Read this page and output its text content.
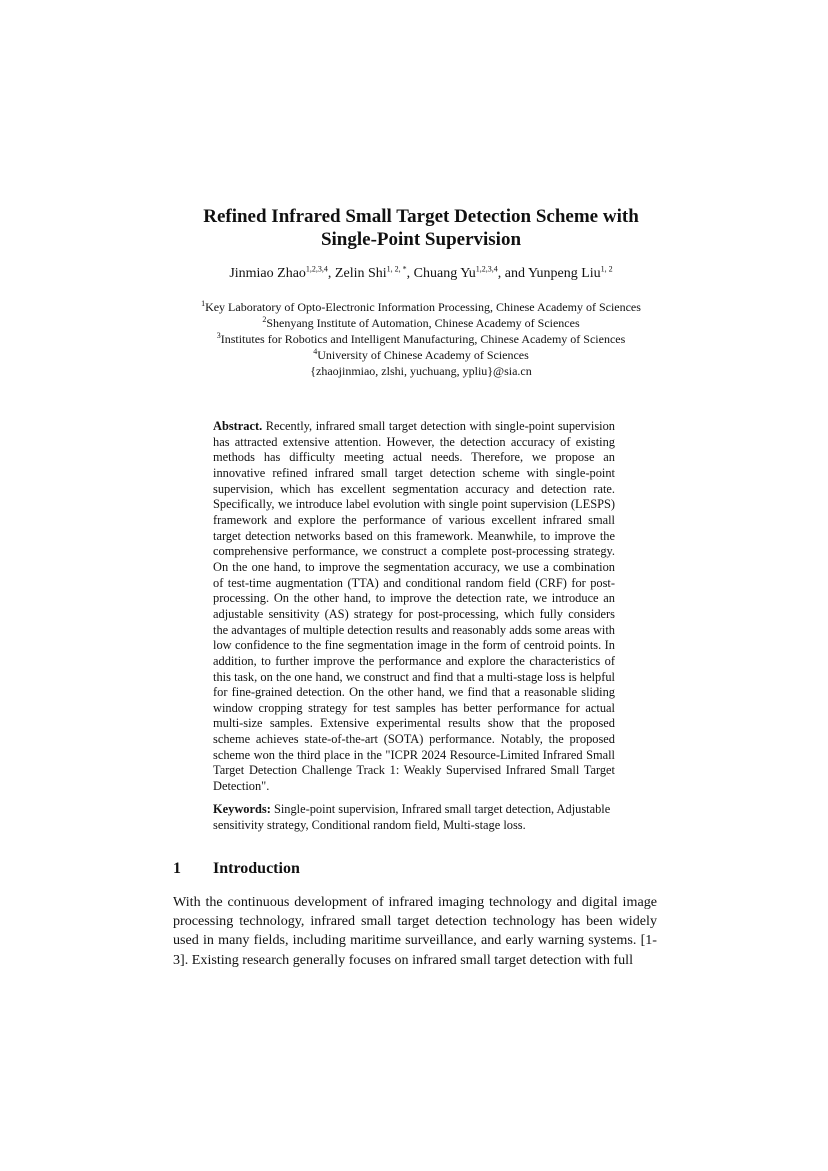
Refined Infrared Small Target Detection Scheme with
Single-Point Supervision
Jinmiao Zhao$^{1,2,3,4}$, Zelin Shi$^{1, 2, *}$, Chuang Yu$^{1,2,3,4}$, and Yunpeng Liu$^{1, 2}$
$^1$Key Laboratory of Opto-Electronic Information Processing, Chinese Academy of Sciences
$^2$Shenyang Institute of Automation, Chinese Academy of Sciences
$^3$Institutes for Robotics and Intelligent Manufacturing, Chinese Academy of Sciences
$^4$University of Chinese Academy of Sciences
{zhaojinmiao, zlshi, yuchuang, ypliu}@sia.cn
Abstract. Recently, infrared small target detection with single-point supervision has attracted extensive attention. However, the detection accuracy of existing methods has difficulty meeting actual needs. Therefore, we propose an innovative refined infrared small target detection scheme with single-point supervision, which has excellent segmentation accuracy and detection rate. Specifically, we introduce label evolution with single point supervision (LESPS) framework and explore the performance of various excellent infrared small target detection networks based on this framework. Meanwhile, to improve the comprehensive performance, we construct a complete post-processing strategy. On the one hand, to improve the segmentation accuracy, we use a combination of test-time augmentation (TTA) and conditional random field (CRF) for post-processing. On the other hand, to improve the detection rate, we introduce an adjustable sensitivity (AS) strategy for post-processing, which fully considers the advantages of multiple detection results and reasonably adds some areas with low confidence to the fine segmentation image in the form of centroid points. In addition, to further improve the performance and explore the characteristics of this task, on the one hand, we construct and find that a multi-stage loss is helpful for fine-grained detection. On the other hand, we find that a reasonable sliding window cropping strategy for test samples has better performance for actual multi-size samples. Extensive experimental results show that the proposed scheme achieves state-of-the-art (SOTA) performance. Notably, the proposed scheme won the third place in the "ICPR 2024 Resource-Limited Infrared Small Target Detection Challenge Track 1: Weakly Supervised Infrared Small Target Detection".
Keywords: Single-point supervision, Infrared small target detection, Adjustable sensitivity strategy, Conditional random field, Multi-stage loss.
1 Introduction
With the continuous development of infrared imaging technology and digital image processing technology, infrared small target detection technology has been widely used in many fields, including maritime surveillance, and early warning systems. [1-3]. Existing research generally focuses on infrared small target detection with full
